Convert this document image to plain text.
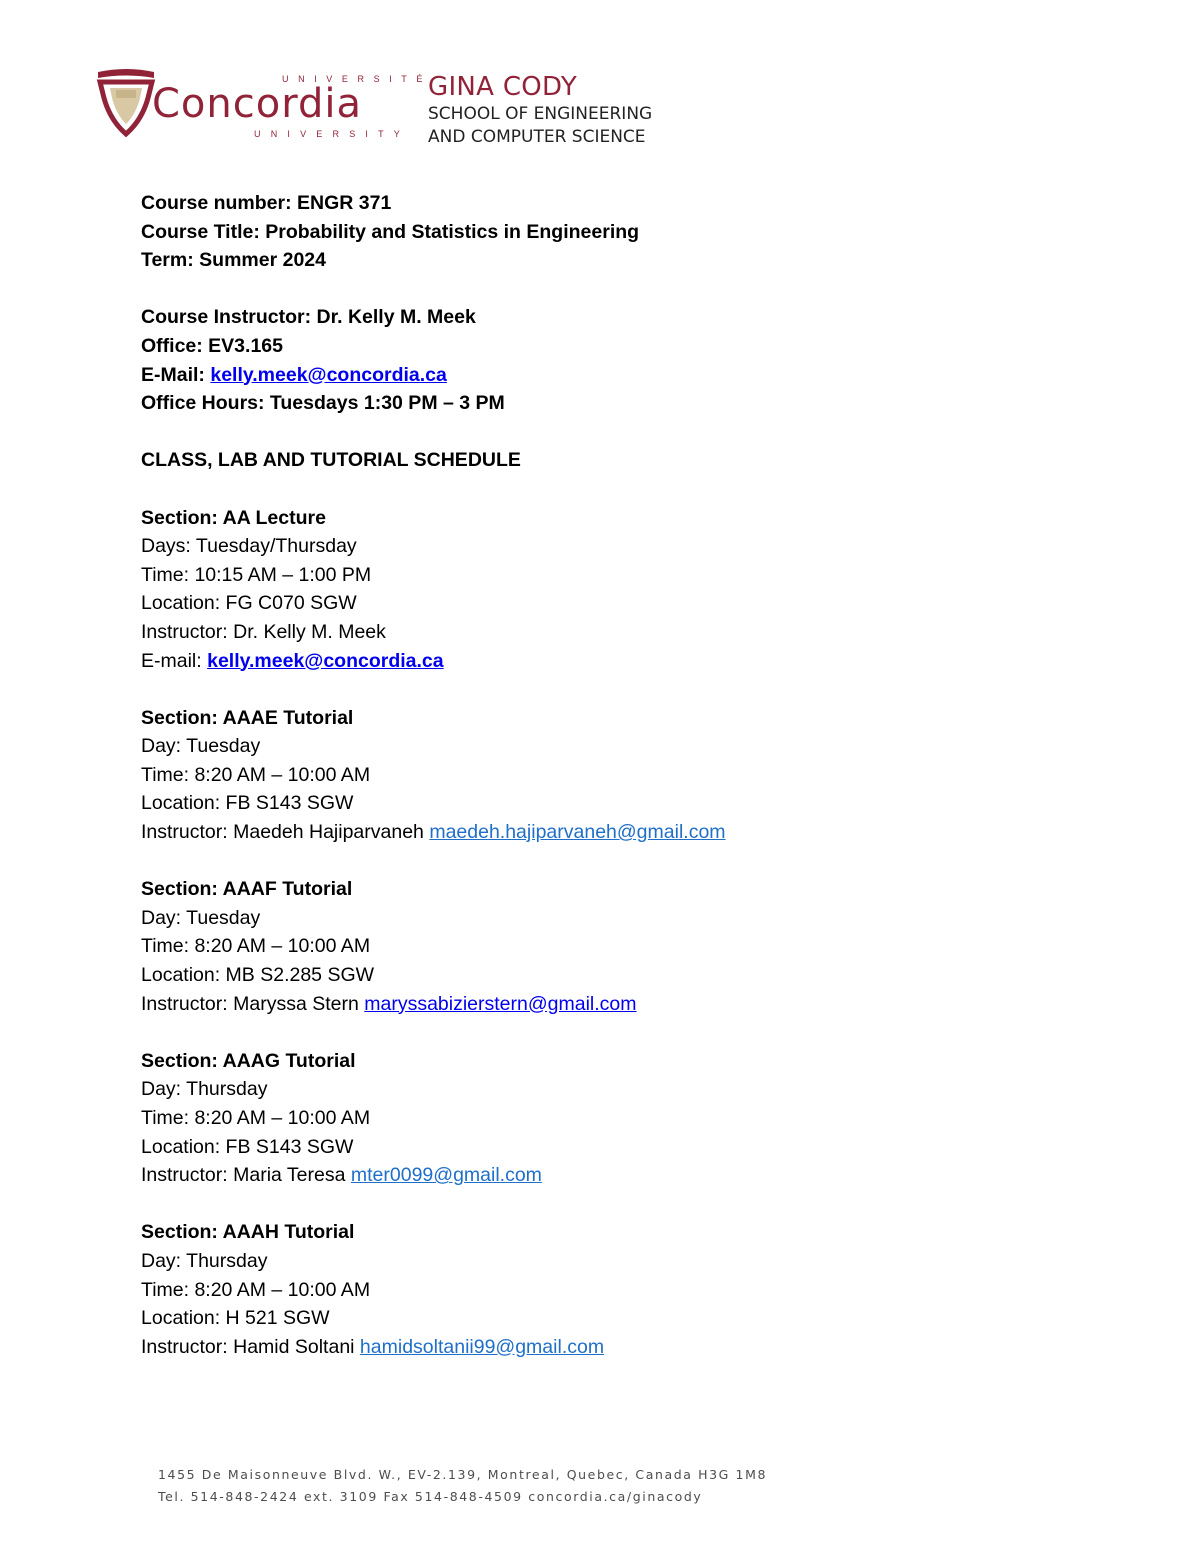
UNIVERSITÉ
Concordia
UNIVERSITY
GINA CODY
SCHOOL OF ENGINEERING
AND COMPUTER SCIENCE
Course number: ENGR 371
Course Title: Probability and Statistics in Engineering
Term: Summer 2024
Course Instructor: Dr. Kelly M. Meek
Office: EV3.165
E-Mail: kelly.meek@concordia.ca
Office Hours: Tuesdays 1:30 PM – 3 PM
CLASS, LAB AND TUTORIAL SCHEDULE
Section: AA Lecture
Days: Tuesday/Thursday
Time: 10:15 AM – 1:00 PM
Location: FG C070 SGW
Instructor: Dr. Kelly M. Meek
E-mail: kelly.meek@concordia.ca
Section: AAAE Tutorial
Day: Tuesday
Time: 8:20 AM – 10:00 AM
Location: FB S143 SGW
Instructor: Maedeh Hajiparvaneh maedeh.hajiparvaneh@gmail.com
Section: AAAF Tutorial
Day: Tuesday
Time: 8:20 AM – 10:00 AM
Location: MB S2.285 SGW
Instructor: Maryssa Stern maryssabizierstern@gmail.com
Section: AAAG Tutorial
Day: Thursday
Time: 8:20 AM – 10:00 AM
Location: FB S143 SGW
Instructor: Maria Teresa mter0099@gmail.com
Section: AAAH Tutorial
Day: Thursday
Time: 8:20 AM – 10:00 AM
Location: H 521 SGW
Instructor: Hamid Soltani hamidsoltanii99@gmail.com
1455 De Maisonneuve Blvd. W., EV-2.139, Montreal, Quebec, Canada H3G 1M8
Tel. 514-848-2424 ext. 3109 Fax 514-848-4509 concordia.ca/ginacody
